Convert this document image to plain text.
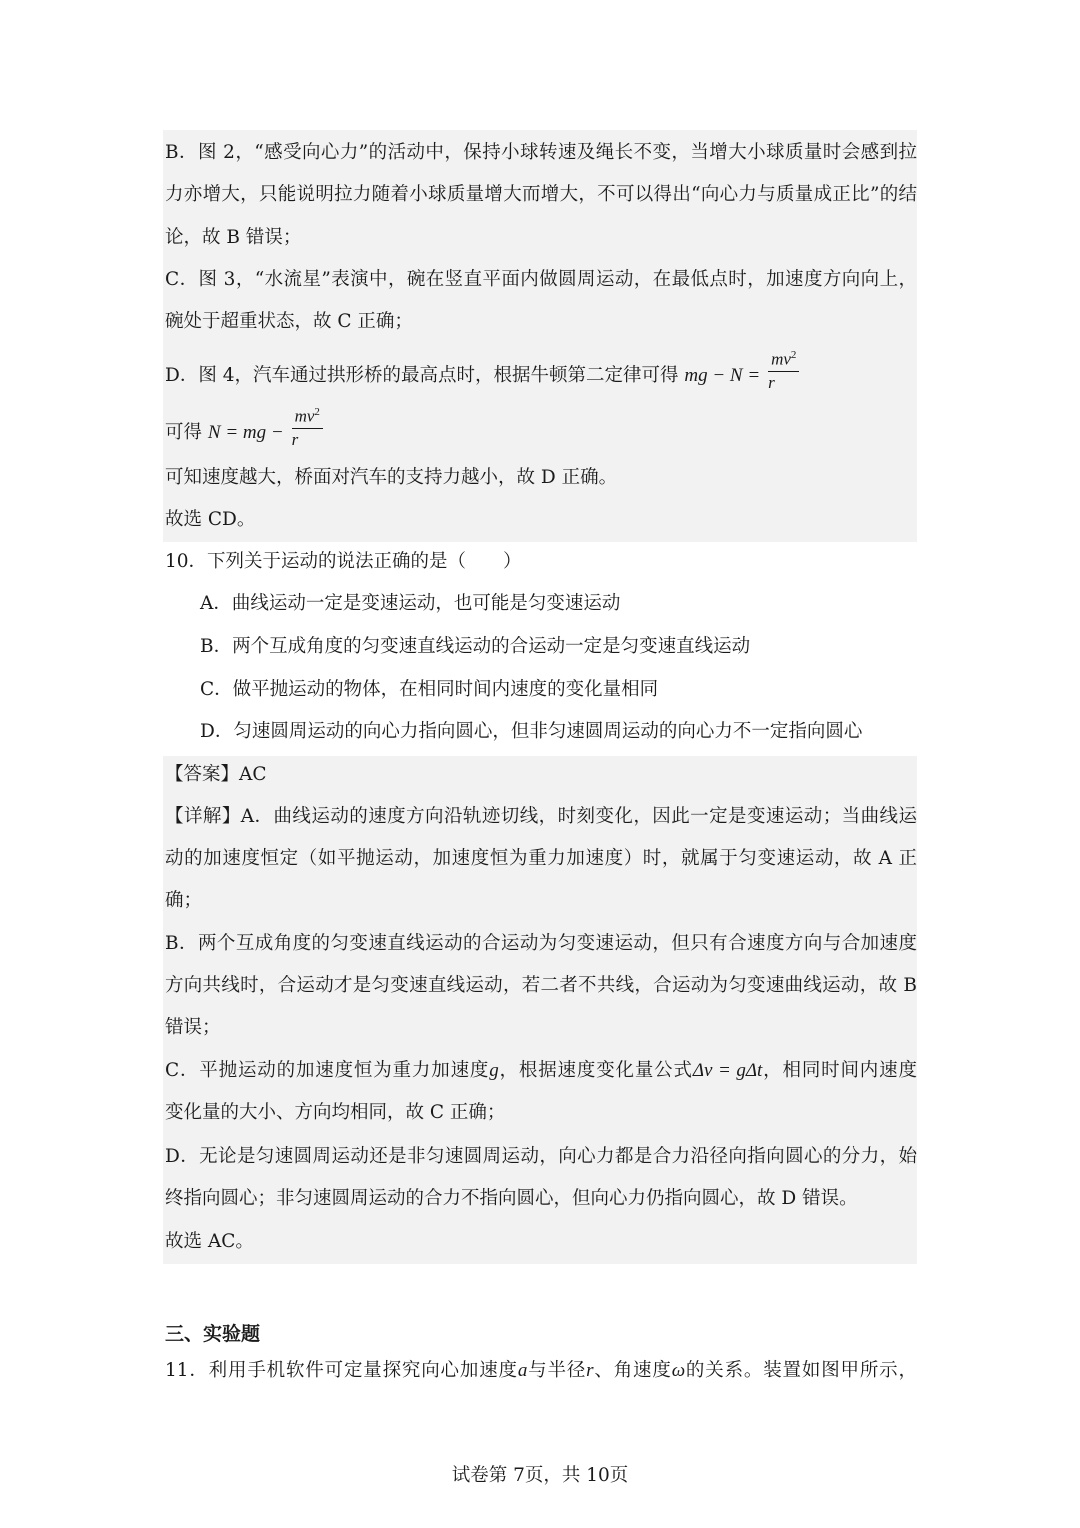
B．图 2，“感受向心力”的活动中，保持小球转速及绳长不变，当增大小球质量时会感到拉
力亦增大，只能说明拉力随着小球质量增大而增大，不可以得出“向心力与质量成正比”的结
论，故 B 错误；
C．图 3，“水流星”表演中，碗在竖直平面内做圆周运动，在最低点时，加速度方向向上，
碗处于超重状态，故 C 正确；
D．图 4，汽车通过拱形桥的最高点时，根据牛顿第二定律可得 mg − $N = \frac{mv^2}{r}$
可得 N = mg − $\frac{mv^2}{r}$
可知速度越大，桥面对汽车的支持力越小，故 D 正确。
故选 CD。
10．下列关于运动的说法正确的是（　　）
A．曲线运动一定是变速运动，也可能是匀变速运动
B．两个互成角度的匀变速直线运动的合运动一定是匀变速直线运动
C．做平抛运动的物体，在相同时间内速度的变化量相同
D．匀速圆周运动的向心力指向圆心，但非匀速圆周运动的向心力不一定指向圆心
【答案】AC
【详解】A．曲线运动的速度方向沿轨迹切线，时刻变化，因此一定是变速运动；当曲线运
动的加速度恒定（如平抛运动，加速度恒为重力加速度）时，就属于匀变速运动，故 A 正
确；
B．两个互成角度的匀变速直线运动的合运动为匀变速运动，但只有合速度方向与合加速度
方向共线时，合运动才是匀变速直线运动，若二者不共线，合运动为匀变速曲线运动，故 B
错误；
C．平抛运动的加速度恒为重力加速度g，根据速度变化量公式Δv = gΔt，相同时间内速度
变化量的大小、方向均相同，故 C 正确；
D．无论是匀速圆周运动还是非匀速圆周运动，向心力都是合力沿径向指向圆心的分力，始
终指向圆心；非匀速圆周运动的合力不指向圆心，但向心力仍指向圆心，故 D 错误。
故选 AC。
三、实验题
11．利用手机软件可定量探究向心加速度a与半径r、角速度ω的关系。装置如图甲所示，
试卷第 7页，共 10页
